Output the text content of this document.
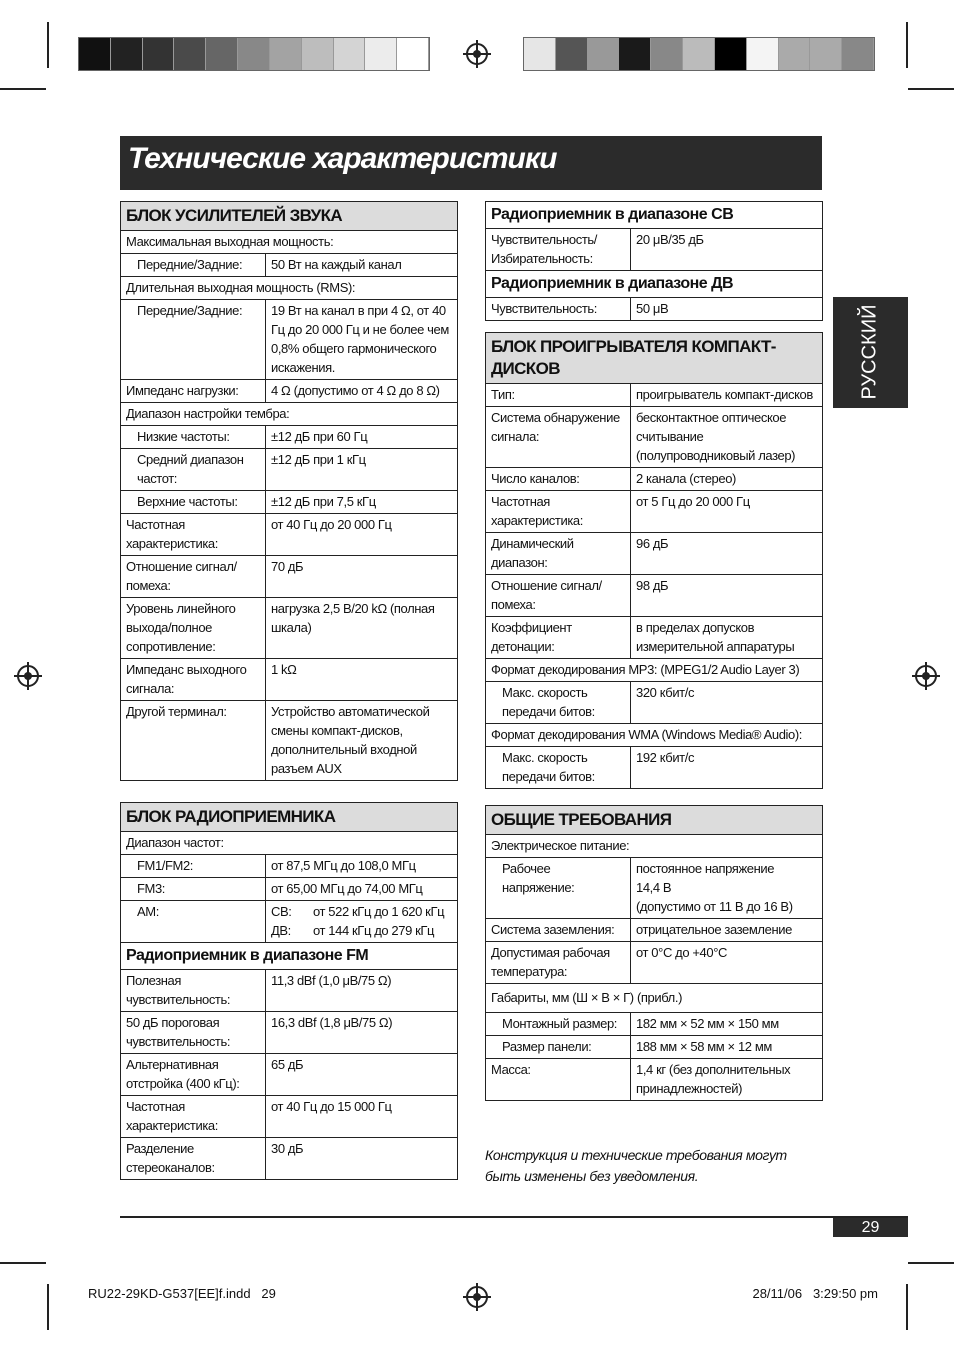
Технические характеристики
РУССКИЙ
БЛОК УСИЛИТЕЛЕЙ ЗВУКА	
Максимальная выходная мощность:	
Передние/Задние:	50 Вт на каждый канал
Длительная выходная мощность (RMS):	
Передние/Задние:	19 Вт на канал в при 4 Ω, от 40 Гц до 20 000 Гц и не более чем 0,8% общего гармонического искажения.
Импеданс нагрузки:	4 Ω (допустимо от 4 Ω до 8 Ω)
Диапазон настройки тембра:	
Низкие частоты:	±12 дБ при 60 Гц
Средний диапазон частот:	±12 дБ при 1 кГц
Верхние частоты:	±12 дБ при 7,5 кГц
Частотная характеристика:	от 40 Гц до 20 000 Гц
Отношение сигнал/ помеха:	70 дБ
Уровень линейного выхода/полное сопротивление:	нагрузка 2,5 В/20 kΩ (полная шкала)
Импеданс выходного сигнала:	1 kΩ
Другой терминал:	Устройство автоматической смены компакт-дисков, дополнительный входной разъем AUX
БЛОК РАДИОПРИЕМНИКА	
Диапазон частот:	
FM1/FM2:	от 87,5 МГц до 108,0 МГц
FM3:	от 65,00 МГц до 74,00 МГц
AM:	СВ: от 522 кГц до 1 620 кГц
ДВ: от 144 кГц до 279 кГц

Радиоприемник в диапазоне FM	
Полезная чувствительность:	11,3 dBf (1,0 μВ/75 Ω)
50 дБ пороговая чувствительность:	16,3 dBf (1,8 μВ/75 Ω)
Альтернативная отстройка (400 кГц):	65 дБ
Частотная характеристика:	от 40 Гц до 15 000 Гц
Разделение стереоканалов:	30 дБ
Радиоприемник в диапазоне СВ	
Чувствительность/ Избирательность:	20 μВ/35 дБ
Радиоприемник в диапазоне ДВ	
Чувствительность:	50 μВ
БЛОК ПРОИГРЫВАТЕЛЯ КОМПАКТ-ДИСКОВ	
Тип:	проигрыватель компакт-дисков
Система обнаружение сигнала:	бесконтактное оптическое считывание (полупроводниковый лазер)
Число каналов:	2 канала (стерео)
Частотная характеристика:	от 5 Гц до 20 000 Гц
Динамический диапазон:	96 дБ
Отношение сигнал/ помеха:	98 дБ
Коэффициент детонации:	в пределах допусков измерительной аппаратуры
Формат декодирования MP3: (MPEG1/2 Audio Layer 3)	
Макс. скорость передачи битов:	320 кбит/с
Формат декодирования WMA (Windows Media® Audio):	
Макс. скорость передачи битов:	192 кбит/с
ОБЩИЕ ТРЕБОВАНИЯ	
Электрическое питание:	
Рабочее напряжение:	постоянное напряжение
14,4 В
(допустимо от 11 В до 16 В)
Система заземления:	отрицательное заземление
Допустимая рабочая температура:	от 0°C до +40°C
Габариты, мм (Ш × В × Г) (прибл.)	
Монтажный размер:	182 мм × 52 мм × 150 мм
Размер панели:	188 мм × 58 мм × 12 мм
Масса:	1,4 кг (без дополнительных принадлежностей)
Конструкция и технические требования могут быть изменены без уведомления.
29
RU22-29KD-G537[EE]f.indd   29	28/11/06   3:29:50 pm
